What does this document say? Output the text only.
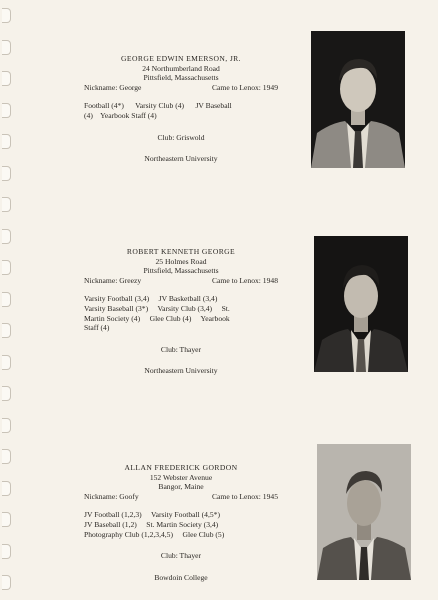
GEORGE EDWIN EMERSON, JR.
24 Northumberland Road
Pittsfield, Massachusetts
Nickname: George	Came to Lenox: 1949
Football (4*)      Varsity Club (4)      JV Baseball
(4)    Yearbook Staff (4)
Club: Griswold
Northeastern University
ROBERT KENNETH GEORGE
25 Holmes Road
Pittsfield, Massachusetts
Nickname: Greezy	Came to Lenox: 1948
Varsity Football (3,4)     JV Basketball (3,4)
Varsity Baseball (3*)     Varsity Club (3,4)     St.
Martin Society (4)     Glee Club (4)     Yearbook
Staff (4)
Club: Thayer
Northeastern University
ALLAN FREDERICK GORDON
152 Webster Avenue
Bangor, Maine
Nickname: Goofy	Came to Lenox: 1945
JV Football (1,2,3)     Varsity Football (4,5*)
JV Baseball (1,2)     St. Martin Society (3,4)
Photography Club (1,2,3,4,5)     Glee Club (5)
Club: Thayer
Bowdoin College
